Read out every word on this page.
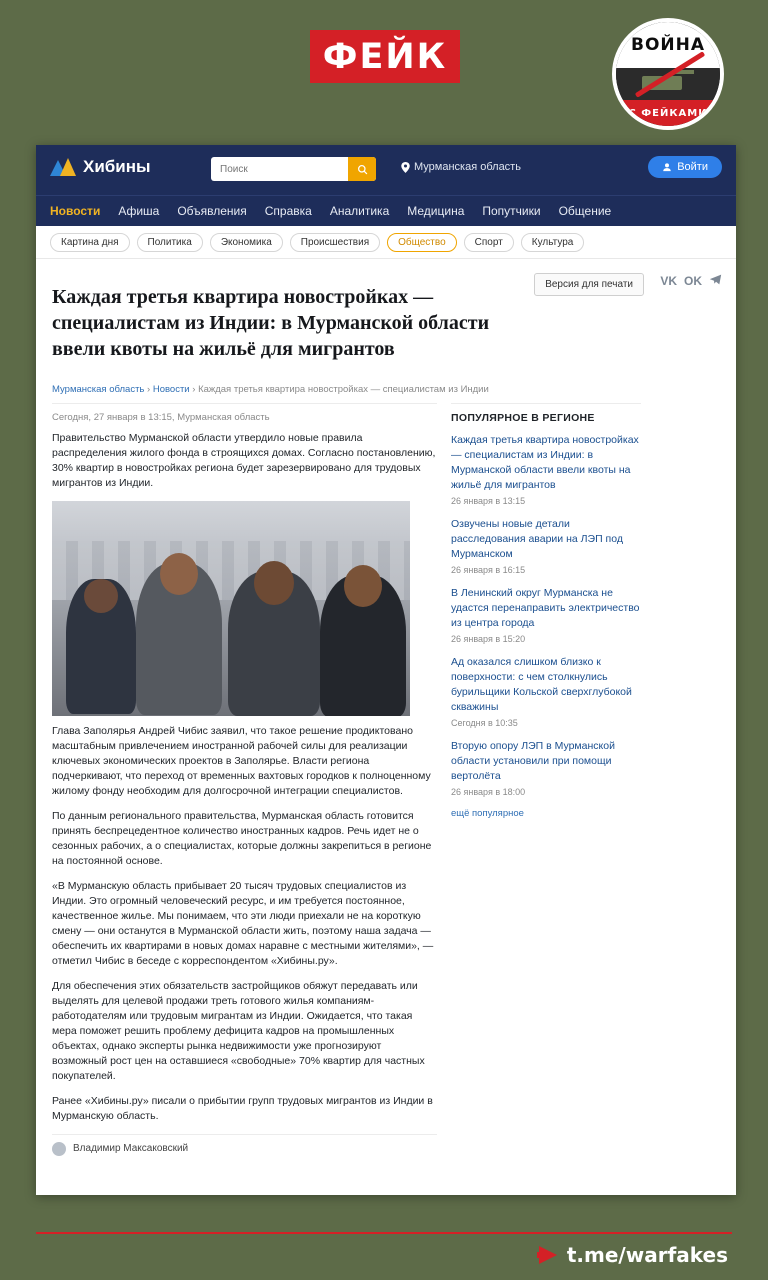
ФЕЙК	ВОЙНА
С ФЕЙКАМИ
Хибины
Поиск	Мурманская область	Войти
Новости Афиша Объявления Справка Аналитика Медицина Попутчики Общение
Картина дня	Политика	Экономика	Происшествия	Общество	Спорт	Культура
Каждая третья квартира новостройках — специалистам из Индии: в Мурманской области ввели квоты на жильё для мигрантов
Версия для печати	VK OK
Мурманская область › Новости › Каждая третья квартира новостройках — специалистам из Индии
Сегодня, 27 января в 13:15, Мурманская область
Правительство Мурманской области утвердило новые правила распределения жилого фонда в строящихся домах. Согласно постановлению, 30% квартир в новостройках региона будет зарезервировано для трудовых мигрантов из Индии.

Глава Заполярья Андрей Чибис заявил, что такое решение продиктовано масштабным привлечением иностранной рабочей силы для реализации ключевых экономических проектов в Заполярье. Власти региона подчеркивают, что переход от временных вахтовых городков к полноценному жилому фонду необходим для долгосрочной интеграции специалистов.

По данным регионального правительства, Мурманская область готовится принять беспрецедентное количество иностранных кадров. Речь идет не о сезонных рабочих, а о специалистах, которые должны закрепиться в регионе на постоянной основе.

«В Мурманскую область прибывает 20 тысяч трудовых специалистов из Индии. Это огромный человеческий ресурс, и им требуется постоянное, качественное жилье. Мы понимаем, что эти люди приехали не на короткую смену — они останутся в Мурманской области жить, поэтому наша задача — обеспечить их квартирами в новых домах наравне с местными жителями», — отметил Чибис в беседе с корреспондентом «Хибины.ру».

Для обеспечения этих обязательств застройщиков обяжут передавать или выделять для целевой продажи треть готового жилья компаниям-работодателям или трудовым мигрантам из Индии. Ожидается, что такая мера поможет решить проблему дефицита кадров на промышленных объектах, однако эксперты рынка недвижимости уже прогнозируют возможный рост цен на оставшиеся «свободные» 70% квартир для частных покупателей.

Ранее «Хибины.ру» писали о прибытии групп трудовых мигрантов из Индии в Мурманскую область.

Владимир Максаковский
ПОПУЛЯРНОЕ В РЕГИОНЕ
Каждая третья квартира новостройках — специалистам из Индии: в Мурманской области ввели квоты на жильё для мигрантов
26 января в 13:15
Озвучены новые детали расследования аварии на ЛЭП под Мурманском
26 января в 16:15
В Ленинский округ Мурманска не удастся перенаправить электричество из центра города
26 января в 15:20
Ад оказался слишком близко к поверхности: с чем столкнулись бурильщики Кольской сверхглубокой скважины
Сегодня в 10:35
Вторую опору ЛЭП в Мурманской области установили при помощи вертолёта
26 января в 18:00
ещё популярное
t.me/warfakes
